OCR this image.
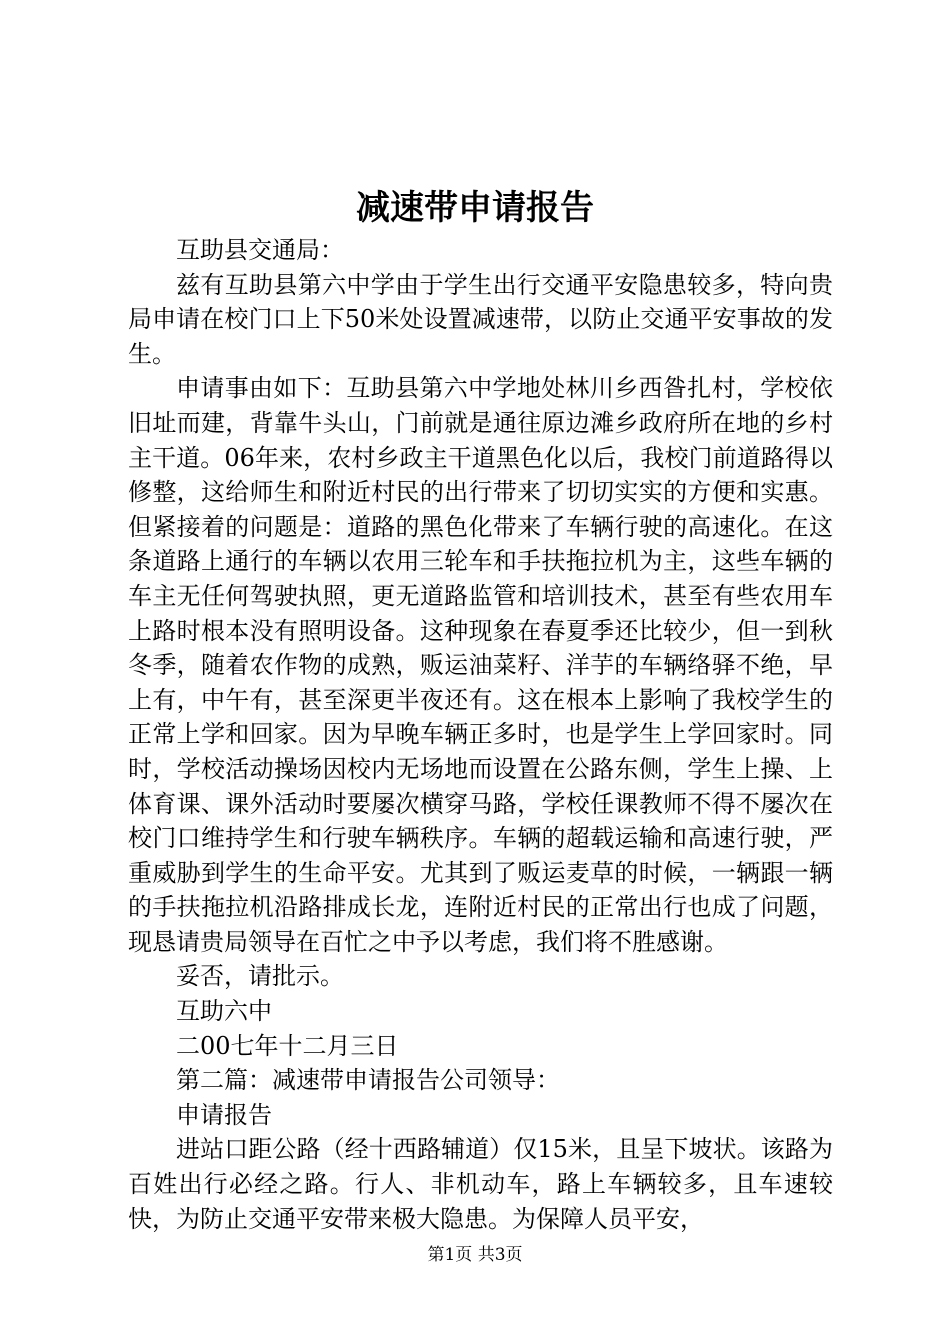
减速带申请报告

互助县交通局：

兹有互助县第六中学由于学生出行交通平安隐患较多，特向贵局申请在校门口上下50米处设置减速带，以防止交通平安事故的发生。

申请事由如下：互助县第六中学地处林川乡西昝扎村，学校依旧址而建，背靠牛头山，门前就是通往原边滩乡政府所在地的乡村主干道。06年来，农村乡政主干道黑色化以后，我校门前道路得以修整，这给师生和附近村民的出行带来了切切实实的方便和实惠。但紧接着的问题是：道路的黑色化带来了车辆行驶的高速化。在这条道路上通行的车辆以农用三轮车和手扶拖拉机为主，这些车辆的车主无任何驾驶执照，更无道路监管和培训技术，甚至有些农用车上路时根本没有照明设备。这种现象在春夏季还比较少，但一到秋冬季，随着农作物的成熟，贩运油菜籽、洋芋的车辆络驿不绝，早上有，中午有，甚至深更半夜还有。这在根本上影响了我校学生的正常上学和回家。因为早晚车辆正多时，也是学生上学回家时。同时，学校活动操场因校内无场地而设置在公路东侧，学生上操、上体育课、课外活动时要屡次横穿马路，学校任课教师不得不屡次在校门口维持学生和行驶车辆秩序。车辆的超载运输和高速行驶，严重威胁到学生的生命平安。尤其到了贩运麦草的时候，一辆跟一辆的手扶拖拉机沿路排成长龙，连附近村民的正常出行也成了问题，现恳请贵局领导在百忙之中予以考虑，我们将不胜感谢。

妥否，请批示。

互助六中

二00七年十二月三日

第二篇：减速带申请报告公司领导：

申请报告

进站口距公路（经十西路辅道）仅15米，且呈下坡状。该路为百姓出行必经之路。行人、非机动车，路上车辆较多，且车速较快，为防止交通平安带来极大隐患。为保障人员平安，

第1页 共3页
